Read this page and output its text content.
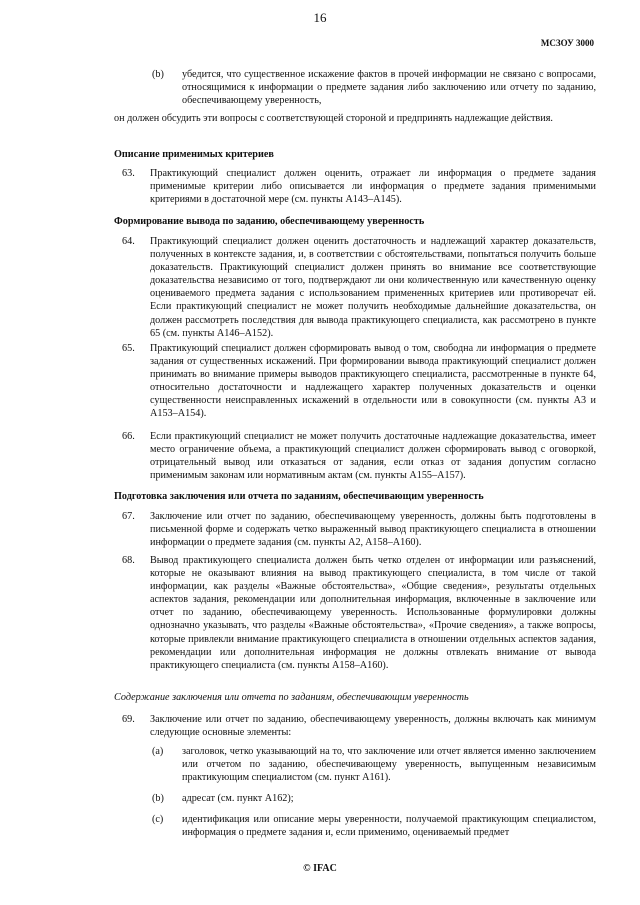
16
МСЗОУ 3000
(b) убедится, что существенное искажение фактов в прочей информации не связано с вопросами, относящимися к информации о предмете задания либо заключению или отчету по заданию, обеспечивающему уверенность,

он должен обсудить эти вопросы с соответствующей стороной и предпринять надлежащие действия.

Описание применимых критериев
63. Практикующий специалист должен оценить, отражает ли информация о предмете задания применимые критерии либо описывается ли информация о предмете задания применимыми критериями в достаточной мере (см. пункты A143–A145).

Формирование вывода по заданию, обеспечивающему уверенность
64. Практикующий специалист должен оценить достаточность и надлежащий характер доказательств, полученных в контексте задания, и, в соответствии с обстоятельствами, попытаться получить больше доказательств. Практикующий специалист должен принять во внимание все соответствующие доказательства независимо от того, подтверждают ли они количественную или качественную оценку оцениваемого предмета задания с использованием примененных критериев или противоречат ей. Если практикующий специалист не может получить необходимые дальнейшие доказательства, он должен рассмотреть последствия для вывода практикующего специалиста, как рассмотрено в пункте 65 (см. пункты A146–A152).

65. Практикующий специалист должен сформировать вывод о том, свободна ли информация о предмете задания от существенных искажений. При формировании вывода практикующий специалист должен принимать во внимание примеры выводов практикующего специалиста, рассмотренные в пункте 64, относительно достаточности и надлежащего характер полученных доказательств и оценки существенности неисправленных искажений в отдельности или в совокупности (см. пункты A3 и A153–A154).

66. Если практикующий специалист не может получить достаточные надлежащие доказательства, имеет место ограничение объема, а практикующий специалист должен сформировать вывод с оговоркой, отрицательный вывод или отказаться от задания, если отказ от задания допустим согласно применимым законам или нормативным актам (см. пункты A155–A157).

Подготовка заключения или отчета по заданиям, обеспечивающим уверенность
67. Заключение или отчет по заданию, обеспечивающему уверенность, должны быть подготовлены в письменной форме и содержать четко выраженный вывод практикующего специалиста в отношении информации о предмете задания (см. пункты A2, A158–A160).

68. Вывод практикующего специалиста должен быть четко отделен от информации или разъяснений, которые не оказывают влияния на вывод практикующего специалиста, в том числе от такой информации, как разделы «Важные обстоятельства», «Общие сведения», результаты отдельных аспектов задания, рекомендации или дополнительная информация, включенные в заключение или отчет по заданию, обеспечивающему уверенность. Использованные формулировки должны однозначно указывать, что разделы «Важные обстоятельства», «Прочие сведения», а также вопросы, которые привлекли внимание практикующего специалиста в отношении отдельных аспектов задания, рекомендации или дополнительная информация не должны отвлекать внимание от вывода практикующего специалиста (см. пункты A158–A160).

Содержание заключения или отчета по заданиям, обеспечивающим уверенность
69. Заключение или отчет по заданию, обеспечивающему уверенность, должны включать как минимум следующие основные элементы:

(a) заголовок, четко указывающий на то, что заключение или отчет является именно заключением или отчетом по заданию, обеспечивающему уверенность, выпущенным независимым практикующим специалистом (см. пункт A161).

(b) адресат (см. пункт A162);

(c) идентификация или описание меры уверенности, получаемой практикующим специалистом, информация о предмете задания и, если применимо, оцениваемый предмет

© IFAC
